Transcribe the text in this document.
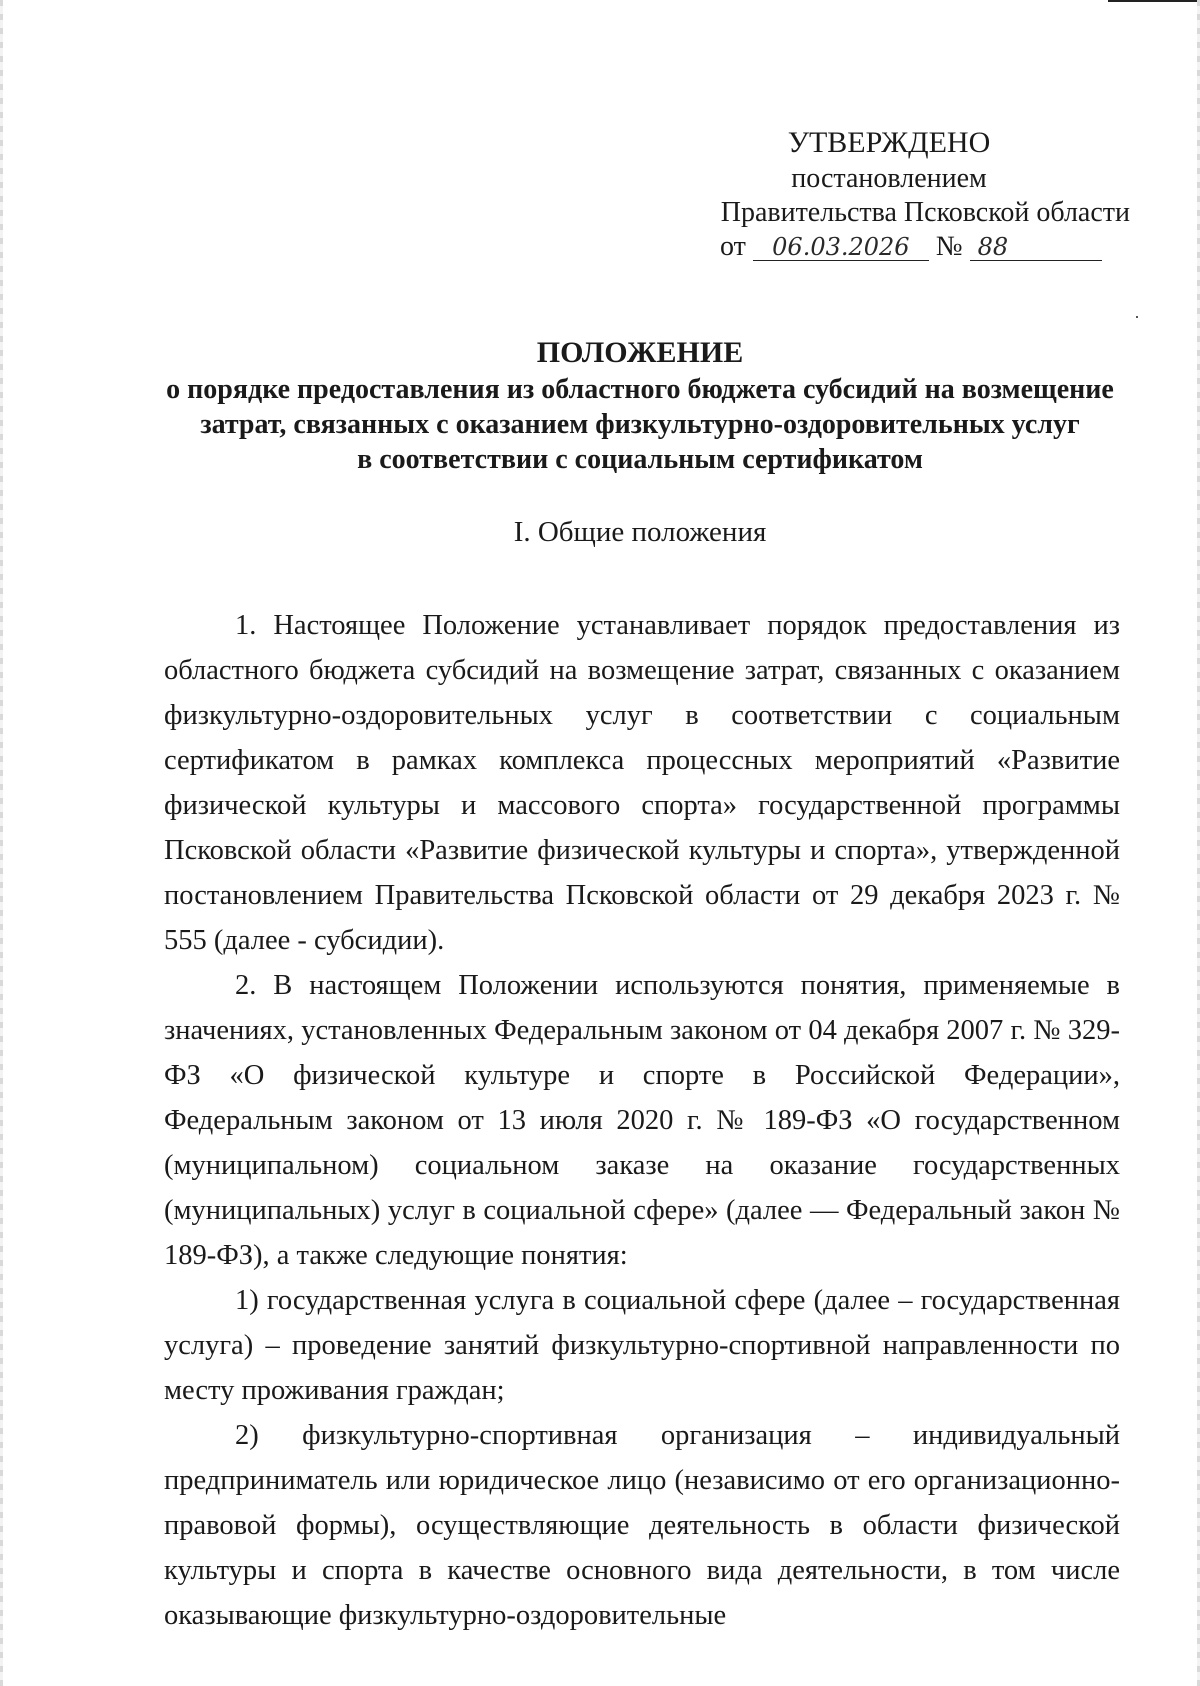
УТВЕРЖДЕНО
постановлением
Правительства Псковской области
от 06.03.2026 № 88
ПОЛОЖЕНИЕ
о порядке предоставления из областного бюджета субсидий на возмещение
затрат, связанных с оказанием физкультурно-оздоровительных услуг
в соответствии с социальным сертификатом
I. Общие положения

1. Настоящее Положение устанавливает порядок предоставления из областного бюджета субсидий на возмещение затрат, связанных с оказанием физкультурно-оздоровительных услуг в соответствии с социальным сертификатом в рамках комплекса процессных мероприятий «Развитие физической культуры и массового спорта» государственной программы Псковской области «Развитие физической культуры и спорта», утвержденной постановлением Правительства Псковской области от 29 декабря 2023 г. № 555 (далее - субсидии).

2. В настоящем Положении используются понятия, применяемые в значениях, установленных Федеральным законом от 04 декабря 2007 г. № 329-ФЗ «О физической культуре и спорте в Российской Федерации», Федеральным законом от 13 июля 2020 г. № 189-ФЗ «О государственном (муниципальном) социальном заказе на оказание государственных (муниципальных) услуг в социальной сфере» (далее — Федеральный закон № 189-ФЗ), а также следующие понятия:

1) государственная услуга в социальной сфере (далее – государственная услуга) – проведение занятий физкультурно-спортивной направленности по месту проживания граждан;

2) физкультурно-спортивная организация – индивидуальный предприниматель или юридическое лицо (независимо от его организационно-правовой формы), осуществляющие деятельность в области физической культуры и спорта в качестве основного вида деятельности, в том числе оказывающие физкультурно-оздоровительные
